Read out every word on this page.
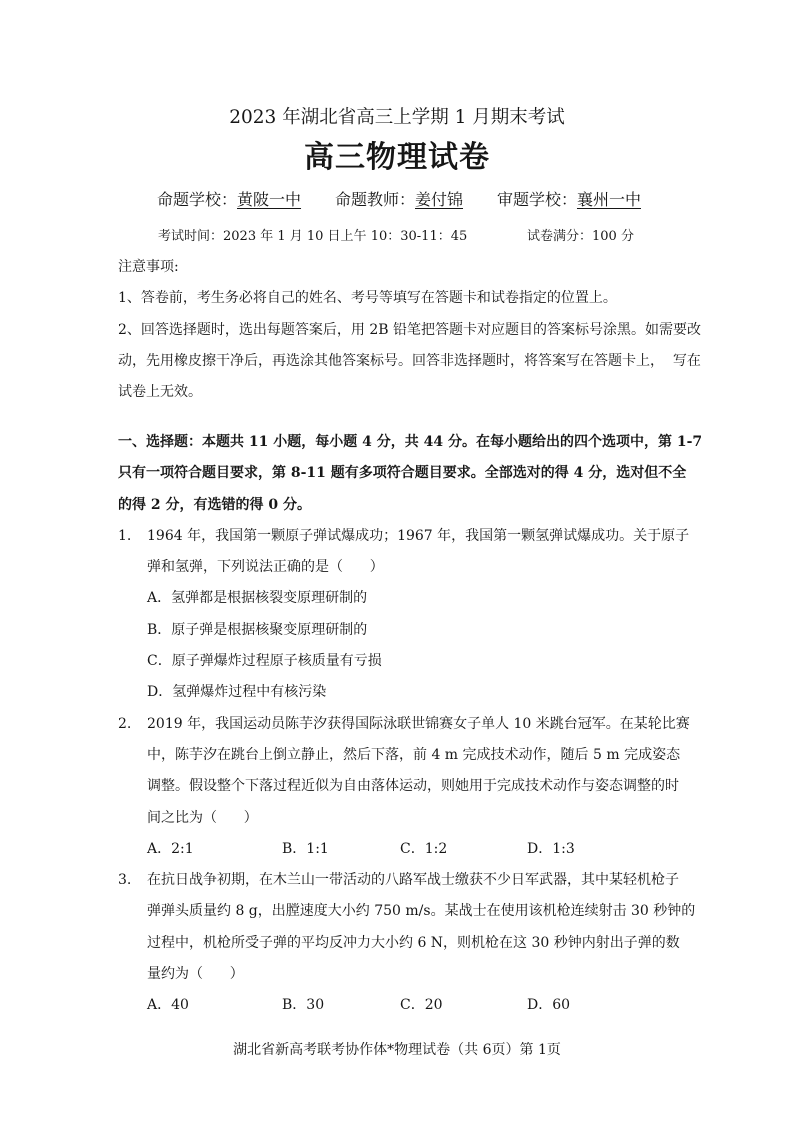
2023 年湖北省高三上学期 1 月期末考试
高三物理试卷
命题学校：黄陂一中 命题教师：姜付锦 审题学校：襄州一中
考试时间：2023 年 1 月 10 日上午 10：30-11：45	试卷满分：100 分
注意事项:
1、答卷前，考生务必将自己的姓名、考号等填写在答题卡和试卷指定的位置上。
2、回答选择题时，选出每题答案后，用 2B 铅笔把答题卡对应题目的答案标号涂黑。如需要改
动，先用橡皮擦干净后，再选涂其他答案标号。回答非选择题时，将答案写在答题卡上，  写在
试卷上无效。
一、选择题：本题共 11 小题，每小题 4 分，共 44 分。在每小题给出的四个选项中，第 1-7
只有一项符合题目要求，第 8-11 题有多项符合题目要求。全部选对的得 4 分，选对但不全
的得 2 分，有选错的得 0 分。
1.	1964 年，我国第一颗原子弹试爆成功；1967 年，我国第一颗氢弹试爆成功。关于原子
弹和氢弹，下列说法正确的是（      ）
A．氢弹都是根据核裂变原理研制的
B．原子弹是根据核聚变原理研制的
C．原子弹爆炸过程原子核质量有亏损
D．氢弹爆炸过程中有核污染
2.	2019 年，我国运动员陈芋汐获得国际泳联世锦赛女子单人 10 米跳台冠军。在某轮比赛
中，陈芋汐在跳台上倒立静止，然后下落，前 4 m 完成技术动作，随后 5 m 完成姿态
调整。假设整个下落过程近似为自由落体运动，则她用于完成技术动作与姿态调整的时
间之比为（      ）
A．2:1	B．1:1	C．1:2	D．1:3
3.	在抗日战争初期，在木兰山一带活动的八路军战士缴获不少日军武器，其中某轻机枪子
弹弹头质量约 8 g，出膛速度大小约 750 m/s。某战士在使用该机枪连续射击 30 秒钟的
过程中，机枪所受子弹的平均反冲力大小约 6 N，则机枪在这 30 秒钟内射出子弹的数
量约为（      ）
A．40	B．30	C．20	D．60
湖北省新高考联考协作体*物理试卷（共 6页）第 1页
